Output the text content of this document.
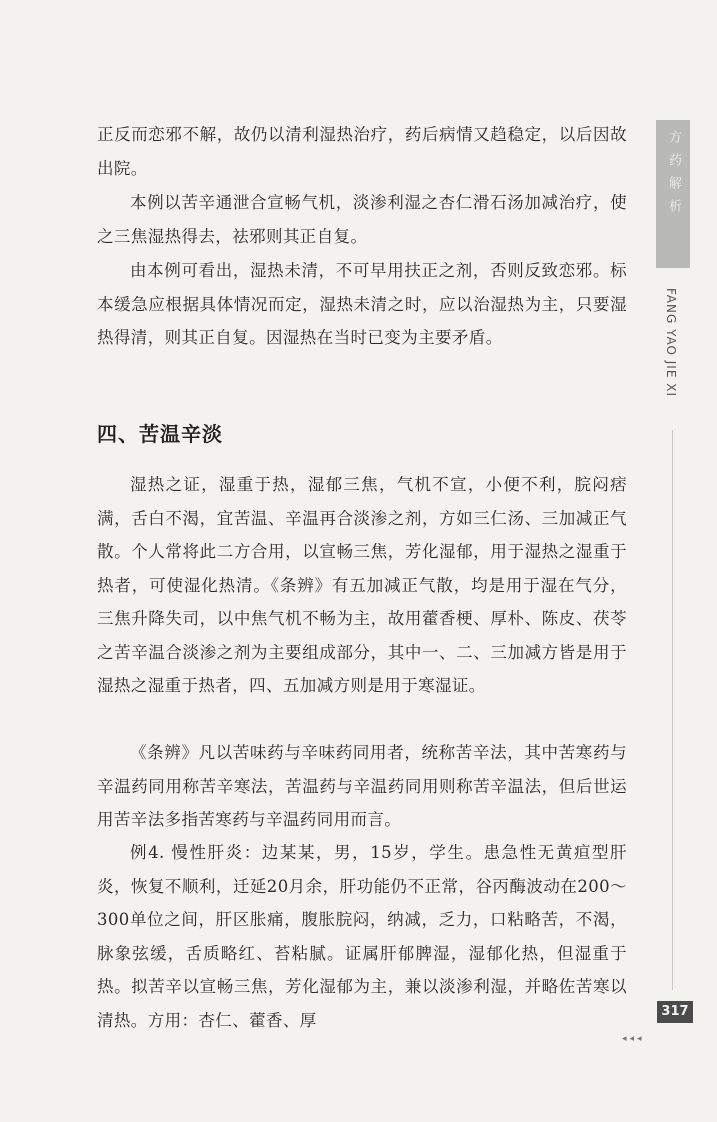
正反而恋邪不解，故仍以清利湿热治疗，药后病情又趋稳定，以后因故出院。

本例以苦辛通泄合宣畅气机，淡渗利湿之杏仁滑石汤加减治疗，使之三焦湿热得去，祛邪则其正自复。

由本例可看出，湿热未清，不可早用扶正之剂，否则反致恋邪。标本缓急应根据具体情况而定，湿热未清之时，应以治湿热为主，只要湿热得清，则其正自复。因湿热在当时已变为主要矛盾。

四、苦温辛淡

湿热之证，湿重于热，湿郁三焦，气机不宣，小便不利，脘闷痞满，舌白不渴，宜苦温、辛温再合淡渗之剂，方如三仁汤、三加减正气散。个人常将此二方合用，以宣畅三焦，芳化湿郁，用于湿热之湿重于热者，可使湿化热清。《条辨》有五加减正气散，均是用于湿在气分，三焦升降失司，以中焦气机不畅为主，故用藿香梗、厚朴、陈皮、茯苓之苦辛温合淡渗之剂为主要组成部分，其中一、二、三加减方皆是用于湿热之湿重于热者，四、五加减方则是用于寒湿证。

《条辨》凡以苦味药与辛味药同用者，统称苦辛法，其中苦寒药与辛温药同用称苦辛寒法，苦温药与辛温药同用则称苦辛温法，但后世运用苦辛法多指苦寒药与辛温药同用而言。

例4. 慢性肝炎：边某某，男，15岁，学生。患急性无黄疸型肝炎，恢复不顺利，迁延20月余，肝功能仍不正常，谷丙酶波动在200～300单位之间，肝区胀痛，腹胀脘闷，纳减，乏力，口粘略苦，不渴，脉象弦缓，舌质略红、苔粘腻。证属肝郁脾湿，湿郁化热，但湿重于热。拟苦辛以宣畅三焦，芳化湿郁为主，兼以淡渗利湿，并略佐苦寒以清热。方用：杏仁、藿香、厚

方药解析
FANG YAO JIE XI
317
◂◂◂
